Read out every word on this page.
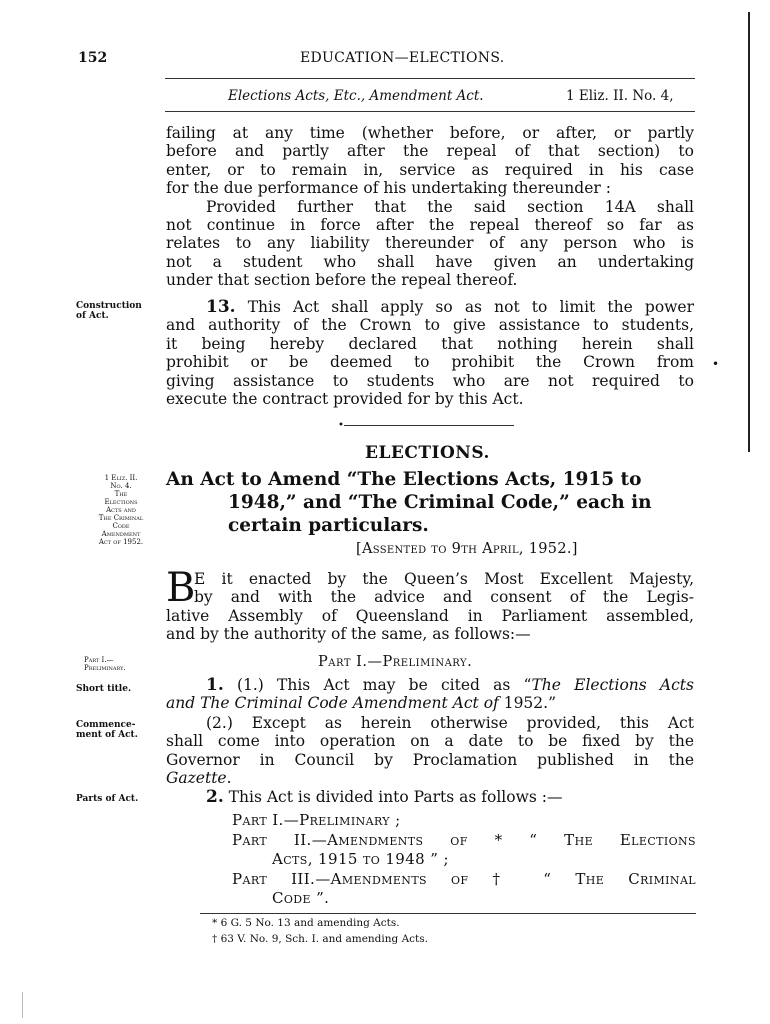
152	EDUCATION—ELECTIONS.
Elections Acts, Etc., Amendment Act.	1 Eliz. II. No. 4,
failing at any time (whether before, or after, or partly
before and partly after the repeal of that section) to
enter, or to remain in, service as required in his case
for the due performance of his undertaking thereunder :
Provided further that the said section 14A shall
not continue in force after the repeal thereof so far as
relates to any liability thereunder of any person who is
not a student who shall have given an undertaking
under that section before the repeal thereof.
Construction
of Act.	13. This Act shall apply so as not to limit the power
and authority of the Crown to give assistance to students,
it being hereby declared that nothing herein shall
prohibit or be deemed to prohibit the Crown from
giving assistance to students who are not required to
execute the contract provided for by this Act.
•
•
ELECTIONS.
1 Eliz. II.
No. 4.
The
Elections
Acts and
The Criminal
Code
Amendment
Act of 1952.
An Act to Amend “The Elections Acts, 1915 to
1948,” and “The Criminal Code,” each in
certain particulars.
[Assented to 9th April, 1952.]
B
E it enacted by the Queen’s Most Excellent Majesty,
by and with the advice and consent of the Legis-
lative Assembly of Queensland in Parliament assembled,
and by the authority of the same, as follows:—
Part I.—
Preliminary.	Part I.—Preliminary.
Short title.	1. (1.) This Act may be cited as “The Elections Acts
and The Criminal Code Amendment Act of 1952.”
Commence-
ment of Act.
(2.) Except as herein otherwise provided, this Act
shall come into operation on a date to be fixed by the
Governor in Council by Proclamation published in the
Gazette.
Parts of Act.	2. This Act is divided into Parts as follows :—
Part I.—Preliminary ;
Part II.—Amendments of * “ The Elections
Acts, 1915 to 1948 ” ;
Part III.—Amendments of † “ The Criminal
Code ”.
* 6 G. 5 No. 13 and amending Acts.
† 63 V. No. 9, Sch. I. and amending Acts.
